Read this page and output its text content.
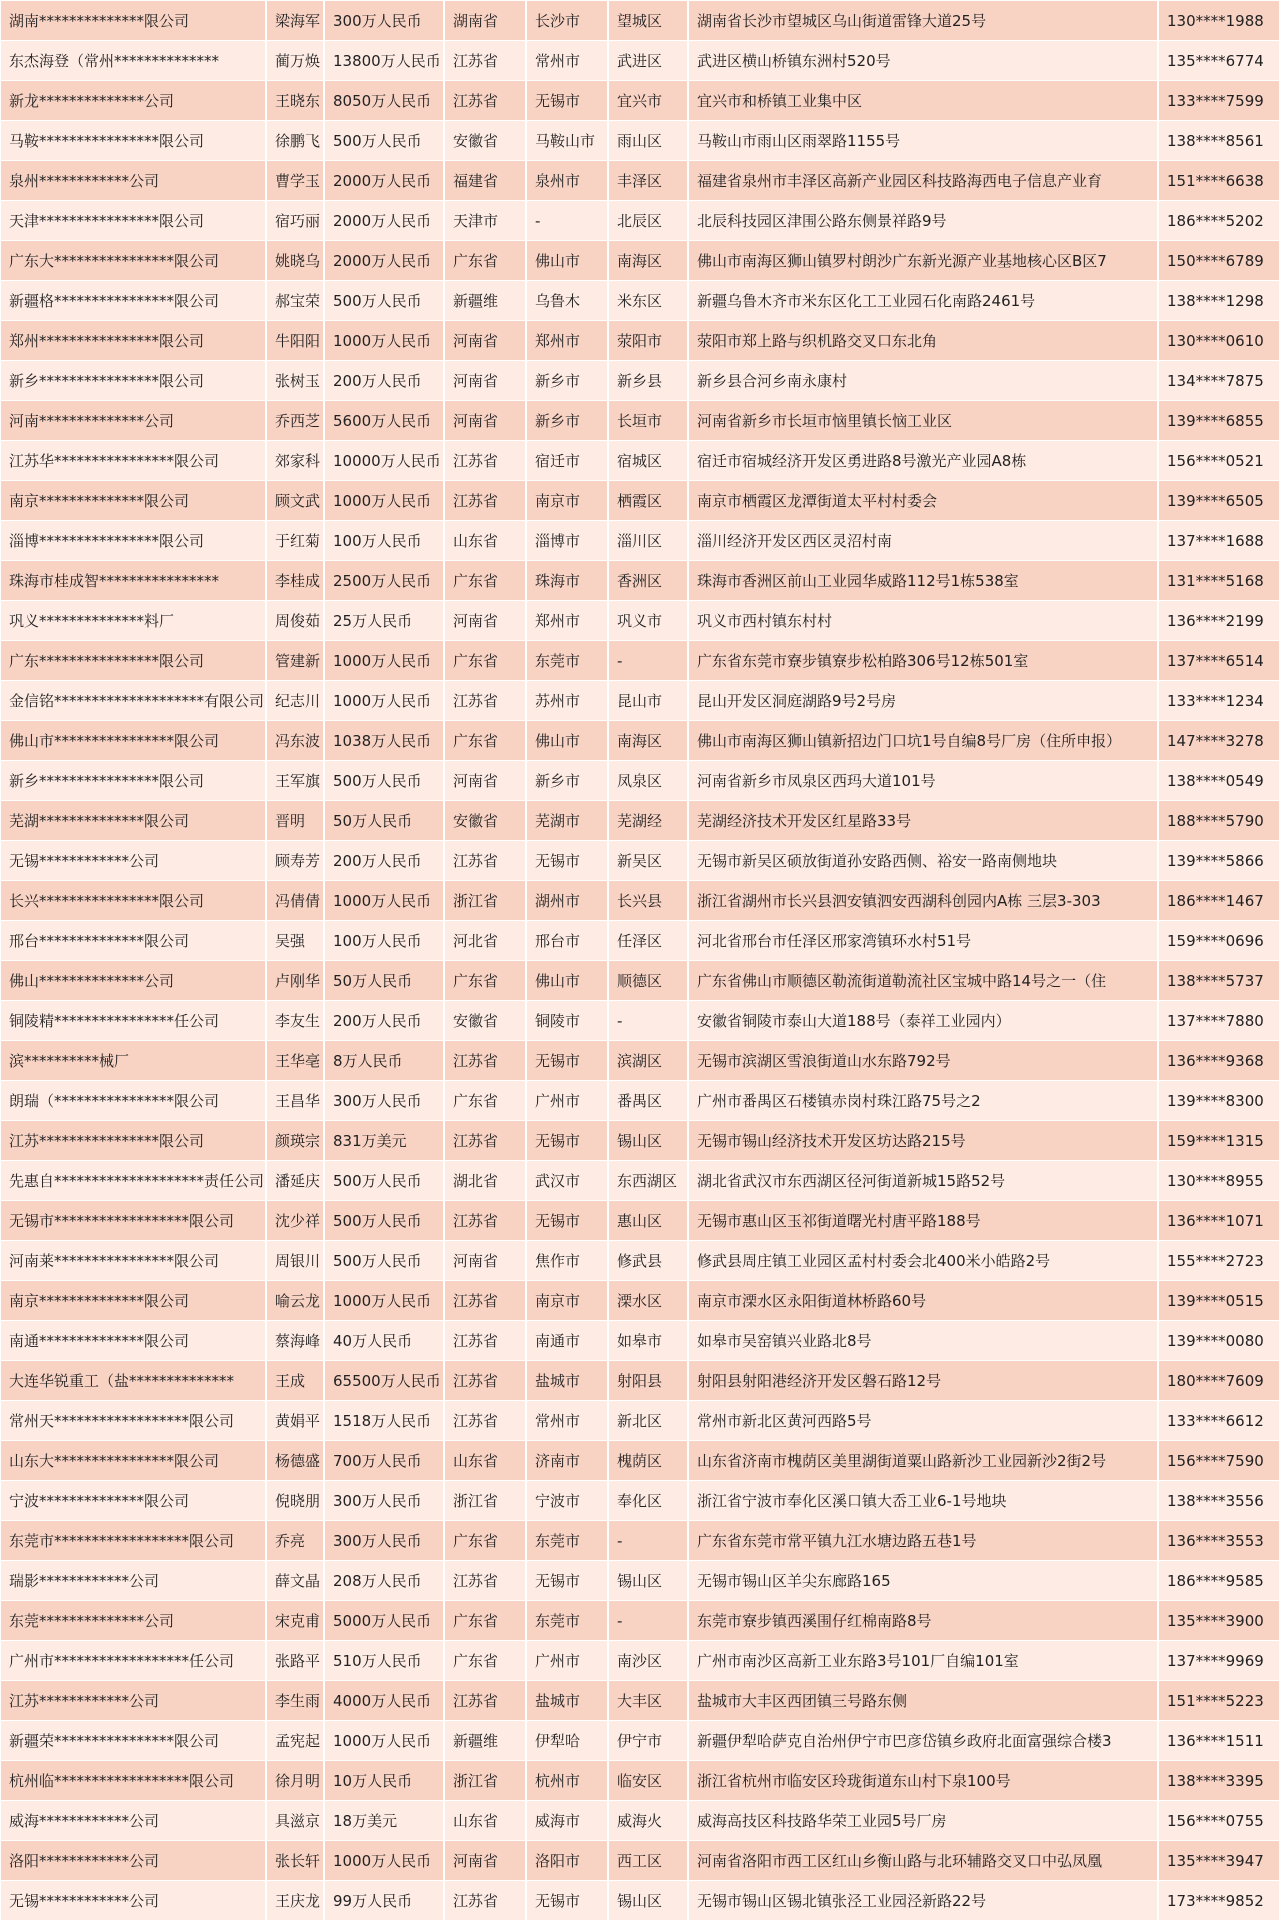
湖南**************限公司	梁海军 300万人民币	湖南省	长沙市	望城区	湖南省长沙市望城区乌山街道雷锋大道25号	130****1988
东杰海登（常州**************	蔺万焕 13800万人民币 江苏省	常州市	武进区	武进区横山桥镇东洲村520号	135****6774
新龙**************公司	王晓东 8050万人民币	江苏省	无锡市	宜兴市	宜兴市和桥镇工业集中区	133****7599
马鞍****************限公司	徐鹏飞 500万人民币	安徽省	马鞍山市	雨山区	马鞍山市雨山区雨翠路1155号	138****8561
泉州************公司	曹学玉 2000万人民币	福建省	泉州市	丰泽区	福建省泉州市丰泽区高新产业园区科技路海西电子信息产业育	151****6638
天津****************限公司	宿巧丽 2000万人民币	天津市	-	北辰区	北辰科技园区津围公路东侧景祥路9号	186****5202
广东大****************限公司	姚晓乌 2000万人民币	广东省	佛山市	南海区	佛山市南海区狮山镇罗村朗沙广东新光源产业基地核心区B区7	150****6789
新疆格****************限公司	郝宝荣 500万人民币	新疆维	乌鲁木	米东区	新疆乌鲁木齐市米东区化工工业园石化南路2461号	138****1298
郑州****************限公司	牛阳阳 1000万人民币	河南省	郑州市	荥阳市	荥阳市郑上路与织机路交叉口东北角	130****0610
新乡****************限公司	张树玉 200万人民币	河南省	新乡市	新乡县	新乡县合河乡南永康村	134****7875
河南**************公司	乔西芝 5600万人民币	河南省	新乡市	长垣市	河南省新乡市长垣市恼里镇长恼工业区	139****6855
江苏华****************限公司	郊家科 10000万人民币 江苏省	宿迁市	宿城区	宿迁市宿城经济开发区勇进路8号激光产业园A8栋	156****0521
南京**************限公司	顾文武 1000万人民币	江苏省	南京市	栖霞区	南京市栖霞区龙潭街道太平村村委会	139****6505
淄博****************限公司	于红菊 100万人民币	山东省	淄博市	淄川区	淄川经济开发区西区灵沼村南	137****1688
珠海市桂成智****************	李桂成 2500万人民币	广东省	珠海市	香洲区	珠海市香洲区前山工业园华威路112号1栋538室	131****5168
巩义**************料厂	周俊茹 25万人民币	河南省	郑州市	巩义市	巩义市西村镇东村村	136****2199
广东****************限公司	管建新 1000万人民币	广东省	东莞市	-	广东省东莞市寮步镇寮步松柏路306号12栋501室	137****6514
金信铭********************有限公司 纪志川 1000万人民币	江苏省	苏州市	昆山市	昆山开发区洞庭湖路9号2号房	133****1234
佛山市****************限公司	冯东波 1038万人民币	广东省	佛山市	南海区	佛山市南海区狮山镇新招边门口坑1号自编8号厂房（住所申报）	147****3278
新乡****************限公司	王军旗 500万人民币	河南省	新乡市	凤泉区	河南省新乡市凤泉区西玛大道101号	138****0549
芜湖**************限公司	晋明	50万人民币	安徽省	芜湖市	芜湖经	芜湖经济技术开发区红星路33号	188****5790
无锡************公司	顾寿芳 200万人民币	江苏省	无锡市	新吴区	无锡市新吴区硕放街道孙安路西侧、裕安一路南侧地块	139****5866
长兴****************限公司	冯倩倩 1000万人民币	浙江省	湖州市	长兴县	浙江省湖州市长兴县泗安镇泗安西湖科创园内A栋 三层3-303	186****1467
邢台**************限公司	吴强	100万人民币	河北省	邢台市	任泽区	河北省邢台市任泽区邢家湾镇环水村51号	159****0696
佛山**************公司	卢刚华 50万人民币	广东省	佛山市	顺德区	广东省佛山市顺德区勒流街道勒流社区宝城中路14号之一（住	138****5737
铜陵精****************任公司	李友生 200万人民币	安徽省	铜陵市	-	安徽省铜陵市泰山大道188号（泰祥工业园内）	137****7880
滨**********械厂	王华亳 8万人民币	江苏省	无锡市	滨湖区	无锡市滨湖区雪浪街道山水东路792号	136****9368
朗瑞（****************限公司	王昌华 300万人民币	广东省	广州市	番禺区	广州市番禺区石楼镇赤岗村珠江路75号之2	139****8300
江苏****************限公司	颜瑛宗 831万美元	江苏省	无锡市	锡山区	无锡市锡山经济技术开发区坊达路215号	159****1315
先惠自********************责任公司 潘延庆 500万人民币	湖北省	武汉市	东西湖区	湖北省武汉市东西湖区径河街道新城15路52号	130****8955
无锡市******************限公司	沈少祥 500万人民币	江苏省	无锡市	惠山区	无锡市惠山区玉祁街道曙光村唐平路188号	136****1071
河南莱****************限公司	周银川 500万人民币	河南省	焦作市	修武县	修武县周庄镇工业园区孟村村委会北400米小皓路2号	155****2723
南京**************限公司	喻云龙 1000万人民币	江苏省	南京市	溧水区	南京市溧水区永阳街道林桥路60号	139****0515
南通**************限公司	蔡海峰 40万人民币	江苏省	南通市	如皋市	如皋市吴窑镇兴业路北8号	139****0080
大连华锐重工（盐**************	王成	65500万人民币 江苏省	盐城市	射阳县	射阳县射阳港经济开发区磐石路12号	180****7609
常州天******************限公司	黄娟平 1518万人民币	江苏省	常州市	新北区	常州市新北区黄河西路5号	133****6612
山东大****************限公司	杨德盛 700万人民币	山东省	济南市	槐荫区	山东省济南市槐荫区美里湖街道粟山路新沙工业园新沙2街2号	156****7590
宁波**************限公司	倪晓朋 300万人民币	浙江省	宁波市	奉化区	浙江省宁波市奉化区溪口镇大岙工业6-1号地块	138****3556
东莞市******************限公司	乔亮	300万人民币	广东省	东莞市	-	广东省东莞市常平镇九江水塘边路五巷1号	136****3553
瑞影************公司	薛文晶 208万人民币	江苏省	无锡市	锡山区	无锡市锡山区羊尖东廊路165	186****9585
东莞**************公司	宋克甫 5000万人民币	广东省	东莞市	-	东莞市寮步镇西溪围仔红棉南路8号	135****3900
广州市******************任公司	张路平 510万人民币	广东省	广州市	南沙区	广州市南沙区高新工业东路3号101厂自编101室	137****9969
江苏************公司	李生雨 4000万人民币	江苏省	盐城市	大丰区	盐城市大丰区西团镇三号路东侧	151****5223
新疆荣****************限公司	孟宪起 1000万人民币	新疆维	伊犁哈	伊宁市	新疆伊犁哈萨克自治州伊宁市巴彦岱镇乡政府北面富强综合楼3	136****1511
杭州临******************限公司	徐月明 10万人民币	浙江省	杭州市	临安区	浙江省杭州市临安区玲珑街道东山村下泉100号	138****3395
威海************公司	具滋京 18万美元	山东省	威海市	威海火	威海高技区科技路华荣工业园5号厂房	156****0755
洛阳************公司	张长轩 1000万人民币	河南省	洛阳市	西工区	河南省洛阳市西工区红山乡衡山路与北环辅路交叉口中弘凤凰	135****3947
无锡************公司	王庆龙 99万人民币	江苏省	无锡市	锡山区	无锡市锡山区锡北镇张泾工业园泾新路22号	173****9852
